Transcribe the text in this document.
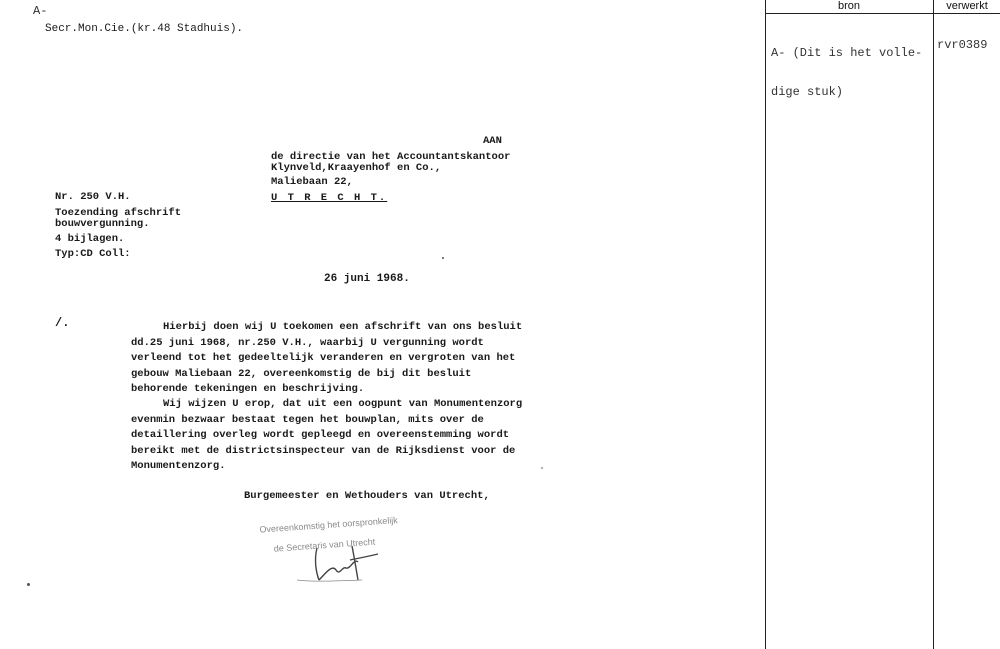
A-
Secr.Mon.Cie.(kr.48 Stadhuis).
AAN
de directie van het Accountantskantoor
Klynveld,Kraayenhof en Co.,
Maliebaan 22,
U T R E C H T.
Nr. 250 V.H.
Toezending afschrift
bouwvergunning.
4 bijlagen.
Typ:CD Coll:
26 juni 1968.
/.	Hierbij doen wij U toekomen een afschrift van ons besluit dd.25 juni 1968, nr.250 V.H., waarbij U vergunning wordt verleend tot het gedeeltelijk veranderen en vergroten van het gebouw Maliebaan 22, overeenkomstig de bij dit besluit behorende tekeningen en beschrijving.
Wij wijzen U erop, dat uit een oogpunt van Monumentenzorg evenmin bezwaar bestaat tegen het bouwplan, mits over de detaillering overleg wordt gepleegd en overeenstemming wordt bereikt met de districtsinspecteur van de Rijksdienst voor de Monumentenzorg.
Burgemeester en Wethouders van Utrecht,

Overeenkomstig het oorspronkelijk

de Secretaris van Utrecht

bron	verwerkt

A- (Dit is het volle-

dige stuk)

rvr0389
